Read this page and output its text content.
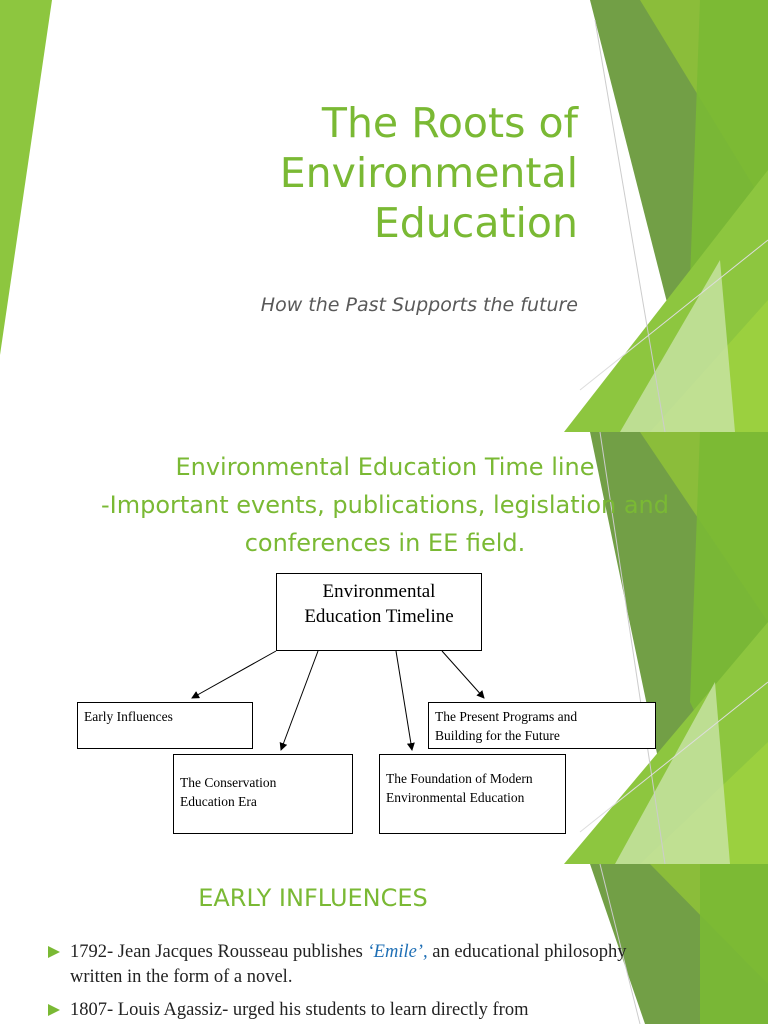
The Roots of
Environmental
Education

How the Past Supports the future

Environmental Education Time line
-Important events, publications, legislation and
conferences in EE field.
Environmental
Education Timeline
Early Influences
The Conservation
Education Era
The Foundation of Modern
Environmental Education
The Present Programs and
Building for the Future
EARLY INFLUENCES
1792- Jean Jacques Rousseau publishes ‘Emile’, an educational philosophy written in the form of a novel.
1807- Louis Agassiz- urged his students to learn directly from
